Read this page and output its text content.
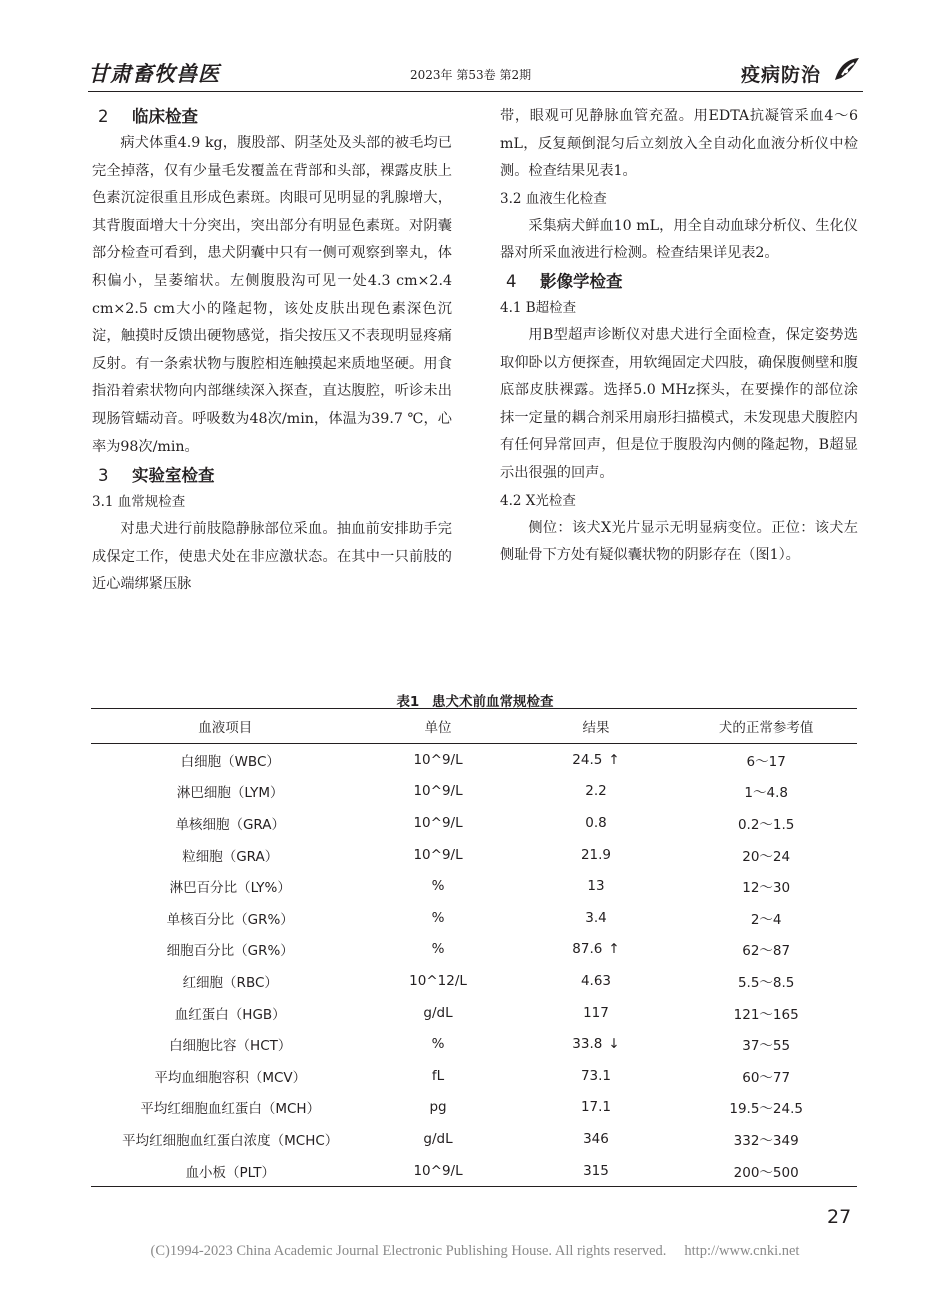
甘肃畜牧兽医	2023年 第53卷 第2期	疫病防治
2 临床检查

病犬体重4.9 kg，腹股部、阴茎处及头部的被毛均已完全掉落，仅有少量毛发覆盖在背部和头部，裸露皮肤上色素沉淀很重且形成色素斑。肉眼可见明显的乳腺增大，其背腹面增大十分突出，突出部分有明显色素斑。对阴囊部分检查可看到，患犬阴囊中只有一侧可观察到睾丸，体积偏小，呈萎缩状。左侧腹股沟可见一处4.3 cm×2.4 cm×2.5 cm大小的隆起物，该处皮肤出现色素深色沉淀，触摸时反馈出硬物感觉，指尖按压又不表现明显疼痛反射。有一条索状物与腹腔相连触摸起来质地坚硬。用食指沿着索状物向内部继续深入探查，直达腹腔，听诊未出现肠管蠕动音。呼吸数为48次/min，体温为39.7 ℃，心率为98次/min。

3 实验室检查
3.1 血常规检查

对患犬进行前肢隐静脉部位采血。抽血前安排助手完成保定工作，使患犬处在非应激状态。在其中一只前肢的近心端绑紧压脉

带，眼观可见静脉血管充盈。用EDTA抗凝管采血4～6 mL，反复颠倒混匀后立刻放入全自动化血液分析仪中检测。检查结果见表1。

3.2 血液生化检查

采集病犬鲜血10 mL，用全自动血球分析仪、生化仪器对所采血液进行检测。检查结果详见表2。

4 影像学检查
4.1 B超检查

用B型超声诊断仪对患犬进行全面检查，保定姿势选取仰卧以方便探查，用软绳固定犬四肢，确保腹侧壁和腹底部皮肤裸露。选择5.0 MHz探头，在要操作的部位涂抹一定量的耦合剂采用扇形扫描模式，未发现患犬腹腔内有任何异常回声，但是位于腹股沟内侧的隆起物，B超显示出很强的回声。

4.2 X光检查

侧位：该犬X光片显示无明显病变位。正位：该犬左侧耻骨下方处有疑似囊状物的阴影存在（图1）。

表1 患犬术前血常规检查
血液项目	单位	结果	犬的正常参考值
白细胞（WBC）	10^9/L	24.5 ↑	6～17
淋巴细胞（LYM）	10^9/L	2.2	1～4.8
单核细胞（GRA）	10^9/L	0.8	0.2～1.5
粒细胞（GRA）	10^9/L	21.9	20～24
淋巴百分比（LY%）	%	13	12～30
单核百分比（GR%）	%	3.4	2～4
细胞百分比（GR%）	%	87.6 ↑	62～87
红细胞（RBC）	10^12/L	4.63	5.5～8.5
血红蛋白（HGB）	g/dL	117	121～165
白细胞比容（HCT）	%	33.8 ↓	37～55
平均血细胞容积（MCV）	fL	73.1	60～77
平均红细胞血红蛋白（MCH）	pg	17.1	19.5～24.5
平均红细胞血红蛋白浓度（MCHC）	g/dL	346	332～349
血小板（PLT）	10^9/L	315	200～500
27
(C)1994-2023 China Academic Journal Electronic Publishing House. All rights reserved. http://www.cnki.net
